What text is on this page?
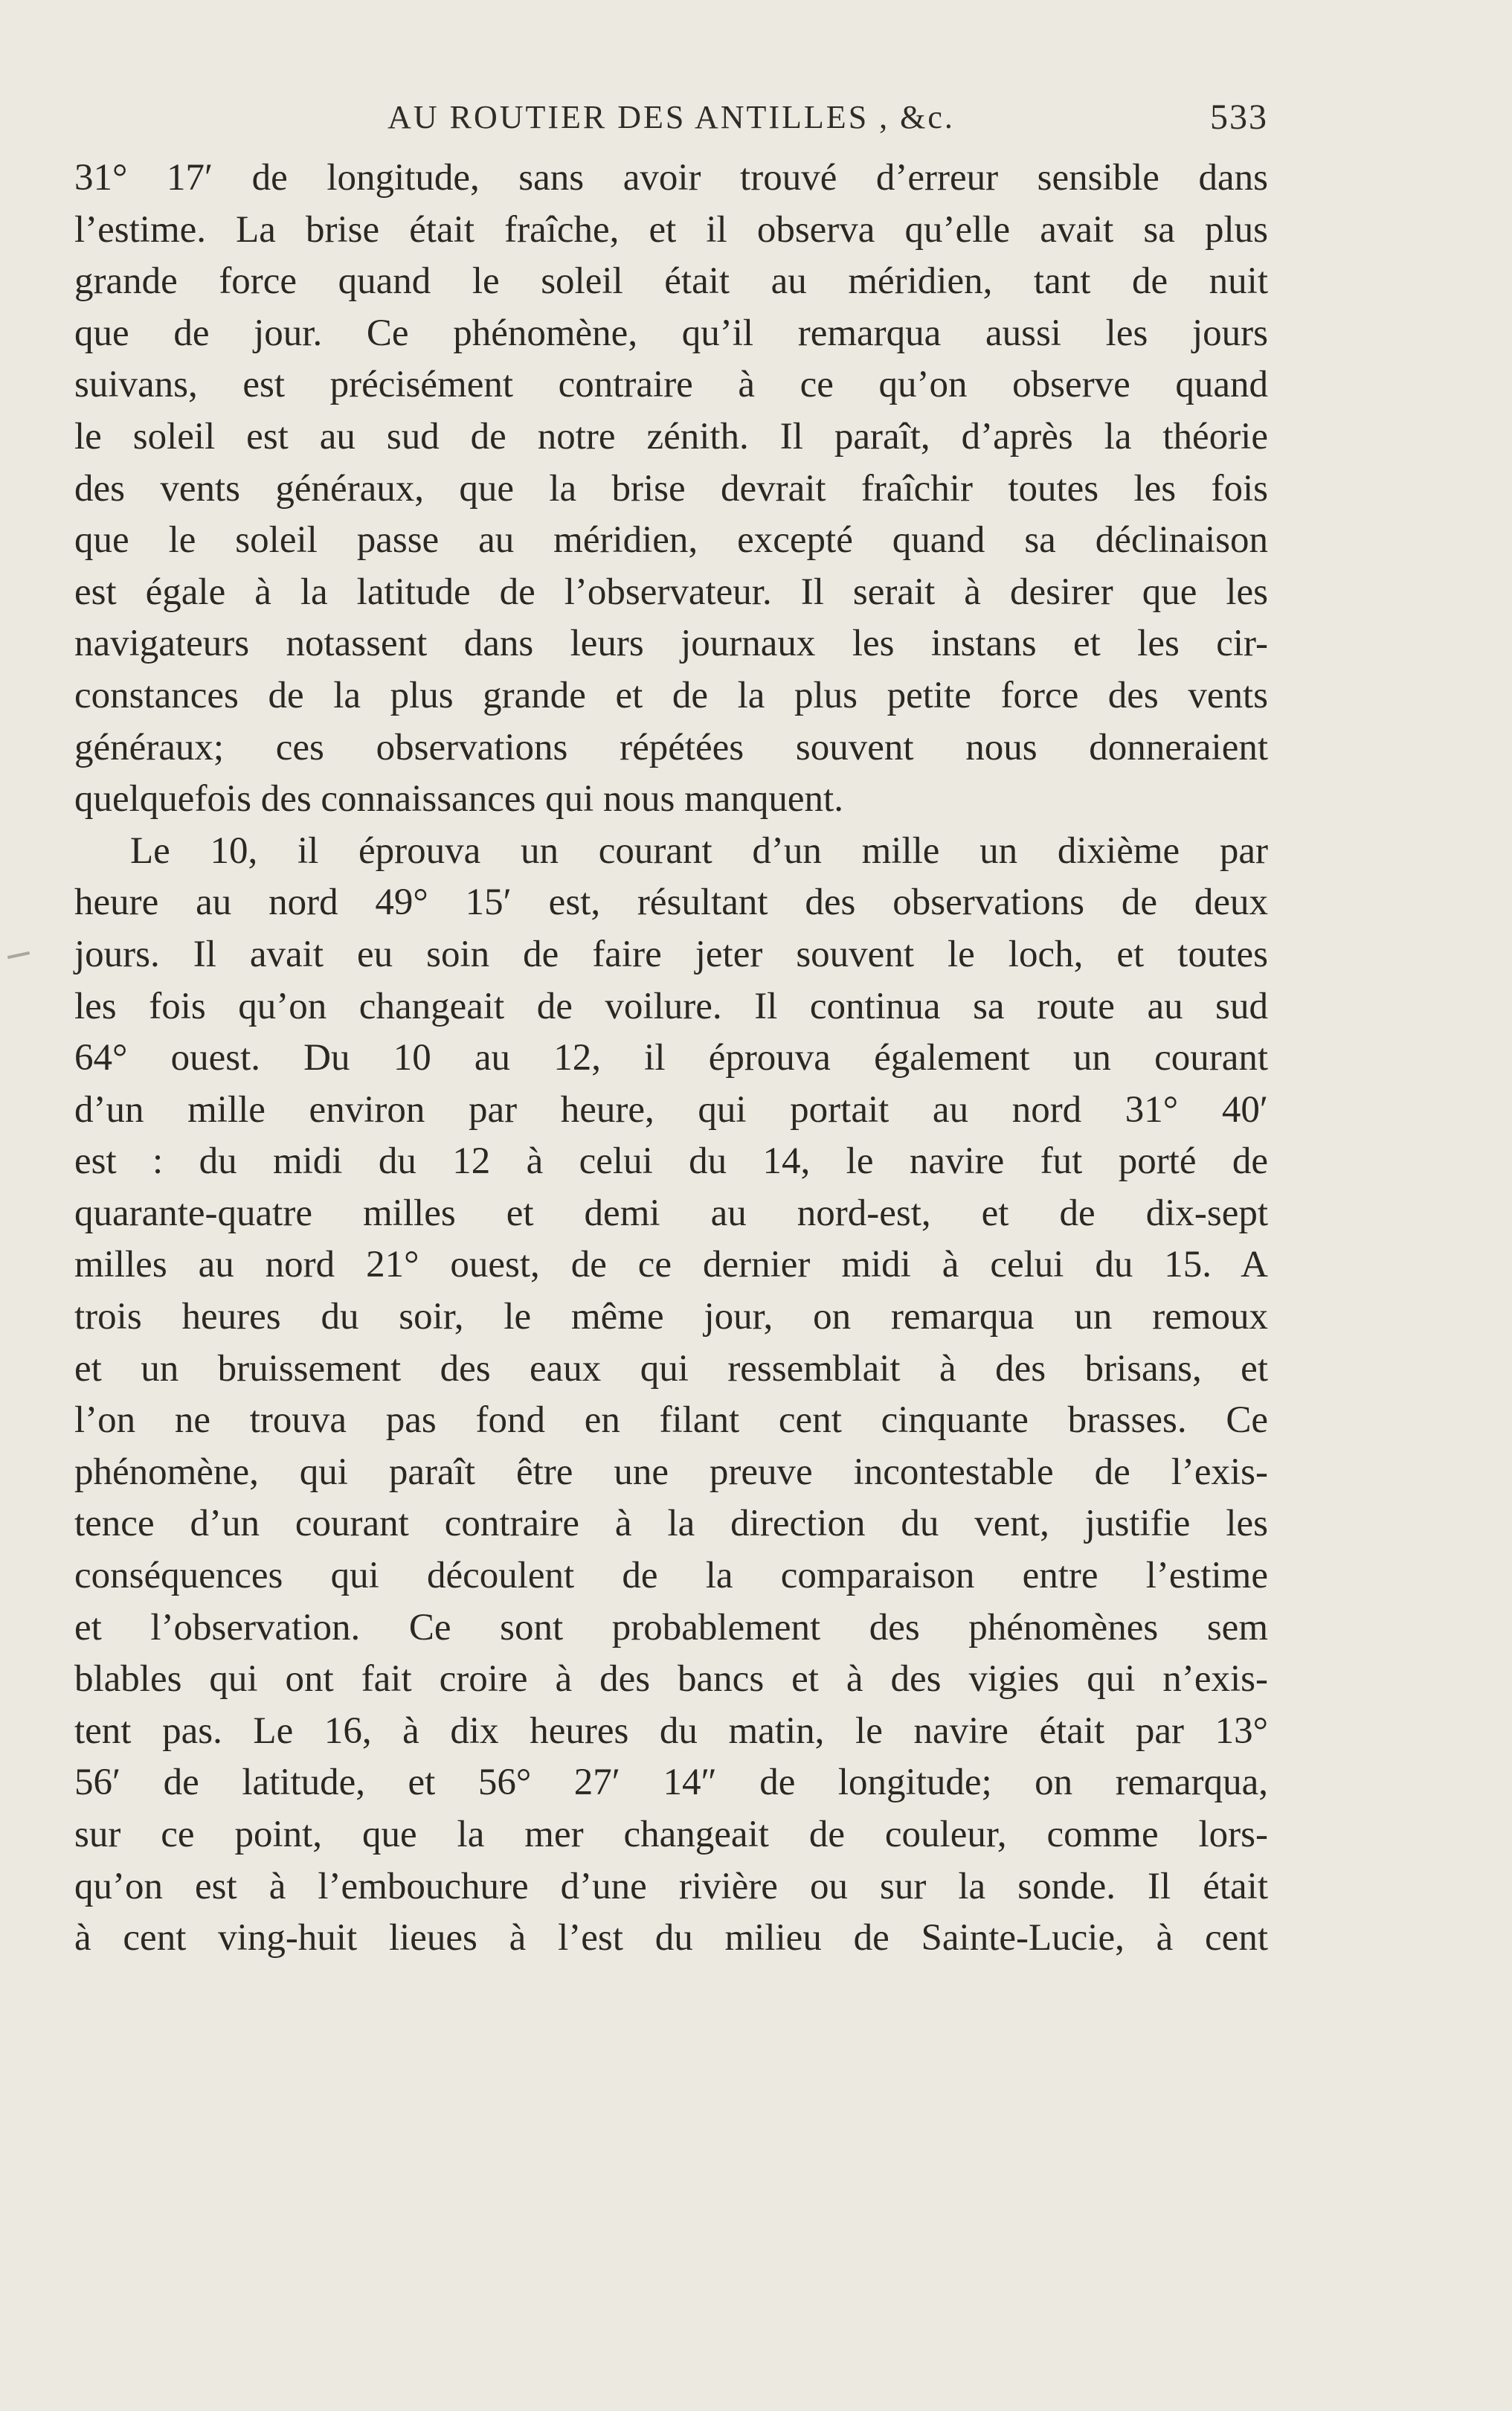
AU ROUTIER DES ANTILLES , &c.	533
31° 17′ de longitude, sans avoir trouvé d’erreur sensible dans
l’estime. La brise était fraîche, et il observa qu’elle avait sa plus
grande force quand le soleil était au méridien, tant de nuit
que de jour. Ce phénomène, qu’il remarqua aussi les jours
suivans, est précisément contraire à ce qu’on observe quand
le soleil est au sud de notre zénith. Il paraît, d’après la théorie
des vents généraux, que la brise devrait fraîchir toutes les fois
que le soleil passe au méridien, excepté quand sa déclinaison
est égale à la latitude de l’observateur. Il serait à desirer que les
navigateurs notassent dans leurs journaux les instans et les cir-
constances de la plus grande et de la plus petite force des vents
généraux; ces observations répétées souvent nous donneraient
quelquefois des connaissances qui nous manquent.
Le 10, il éprouva un courant d’un mille un dixième par
heure au nord 49° 15′ est, résultant des observations de deux
jours. Il avait eu soin de faire jeter souvent le loch, et toutes
les fois qu’on changeait de voilure. Il continua sa route au sud
64° ouest. Du 10 au 12, il éprouva également un courant
d’un mille environ par heure, qui portait au nord 31° 40′
est : du midi du 12 à celui du 14, le navire fut porté de
quarante-quatre milles et demi au nord-est, et de dix-sept
milles au nord 21° ouest, de ce dernier midi à celui du 15. A
trois heures du soir, le même jour, on remarqua un remoux
et un bruissement des eaux qui ressemblait à des brisans, et
l’on ne trouva pas fond en filant cent cinquante brasses. Ce
phénomène, qui paraît être une preuve incontestable de l’exis-
tence d’un courant contraire à la direction du vent, justifie les
conséquences qui découlent de la comparaison entre l’estime
et l’observation. Ce sont probablement des phénomènes sem
blables qui ont fait croire à des bancs et à des vigies qui n’exis-
tent pas. Le 16, à dix heures du matin, le navire était par 13°
56′ de latitude, et 56° 27′ 14″ de longitude; on remarqua,
sur ce point, que la mer changeait de couleur, comme lors-
qu’on est à l’embouchure d’une rivière ou sur la sonde. Il était
à cent ving-huit lieues à l’est du milieu de Sainte-Lucie, à cent
